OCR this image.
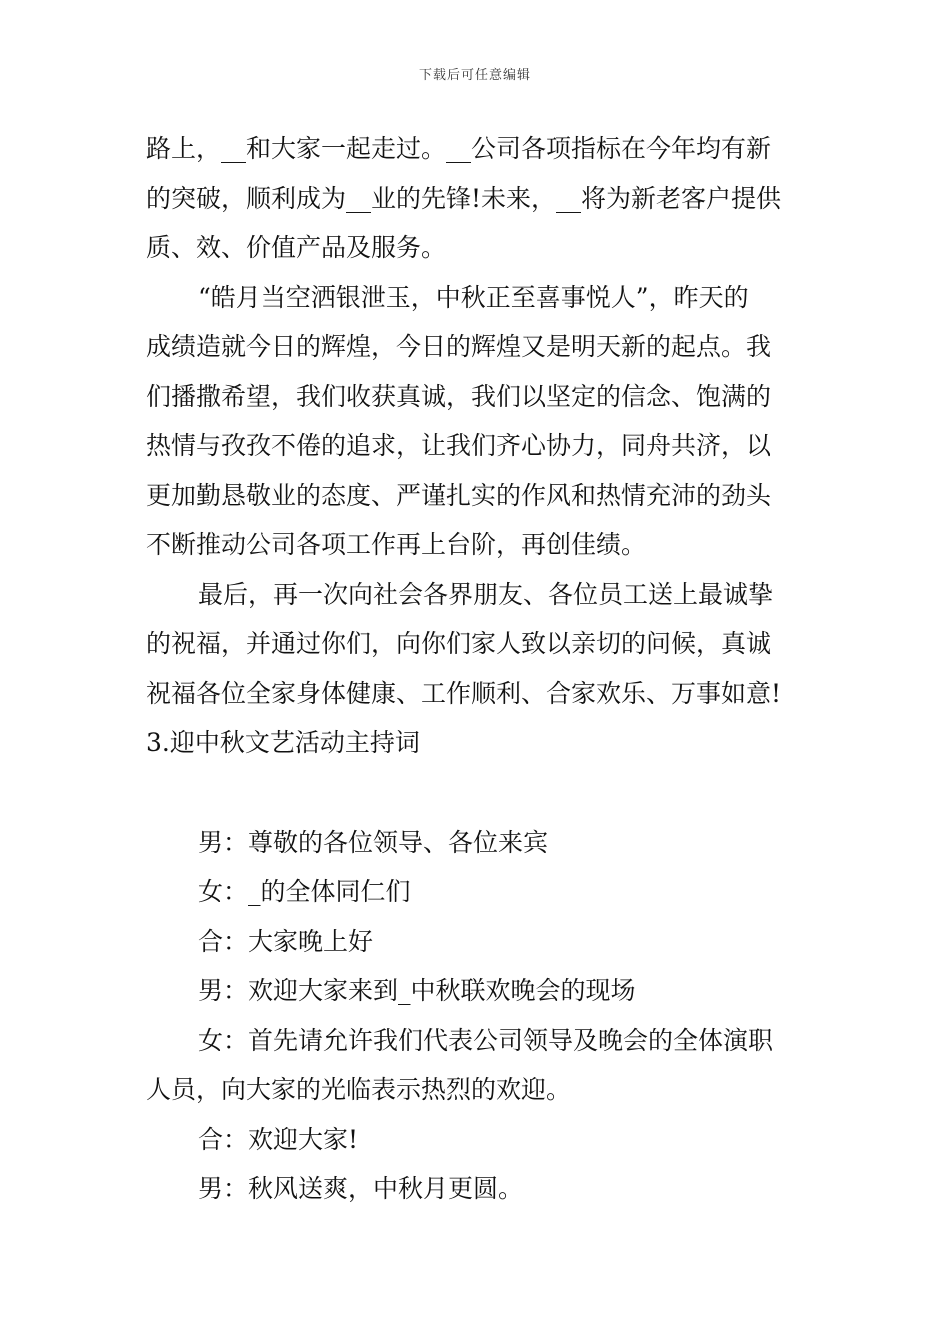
下载后可任意编辑
路上，__和大家一起走过。__公司各项指标在今年均有新
的突破，顺利成为__业的先锋!未来，__将为新老客户提供
质、效、价值产品及服务。
“皓月当空洒银泄玉，中秋正至喜事悦人”，昨天的
成绩造就今日的辉煌，今日的辉煌又是明天新的起点。我
们播撒希望，我们收获真诚，我们以坚定的信念、饱满的
热情与孜孜不倦的追求，让我们齐心协力，同舟共济，以
更加勤恳敬业的态度、严谨扎实的作风和热情充沛的劲头
不断推动公司各项工作再上台阶，再创佳绩。
最后，再一次向社会各界朋友、各位员工送上最诚挚
的祝福，并通过你们，向你们家人致以亲切的问候，真诚
祝福各位全家身体健康、工作顺利、合家欢乐、万事如意!
3.迎中秋文艺活动主持词
男：尊敬的各位领导、各位来宾
女：_的全体同仁们
合：大家晚上好
男：欢迎大家来到_中秋联欢晚会的现场
女：首先请允许我们代表公司领导及晚会的全体演职
人员，向大家的光临表示热烈的欢迎。
合：欢迎大家!
男：秋风送爽，中秋月更圆。
